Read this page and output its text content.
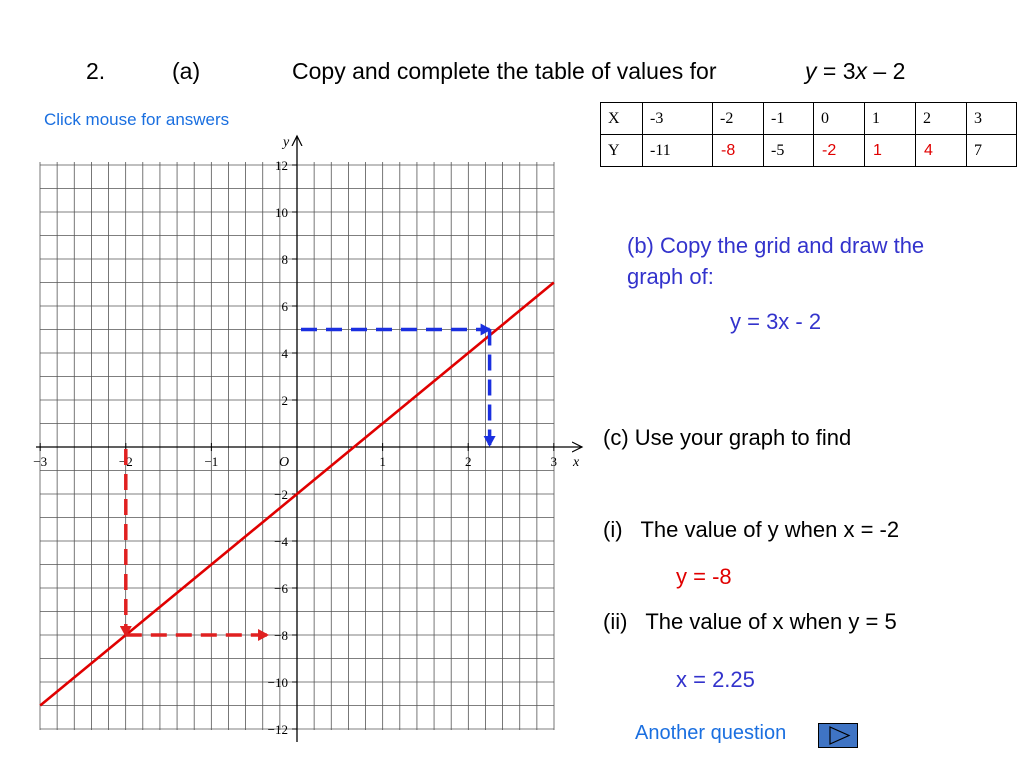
2.	(a)	Copy and complete the table of values for	y = 3x – 2
Click mouse for answers	X	-3	-2	-1	0	1	2	3
Y	-11	-8	-5	-2	1	4	7
(b) Copy the grid and draw the graph of:
y = 3x - 2
(c) Use your graph to find
(i)   The value of y when x = -2
y = -8
(ii)   The value of x when y = 5
x = 2.25
Another question
−3	−2	−1	1	2	3
12
10
8
6
4
2
−2
−4
−6
−8
−10
−12
O	x
y
